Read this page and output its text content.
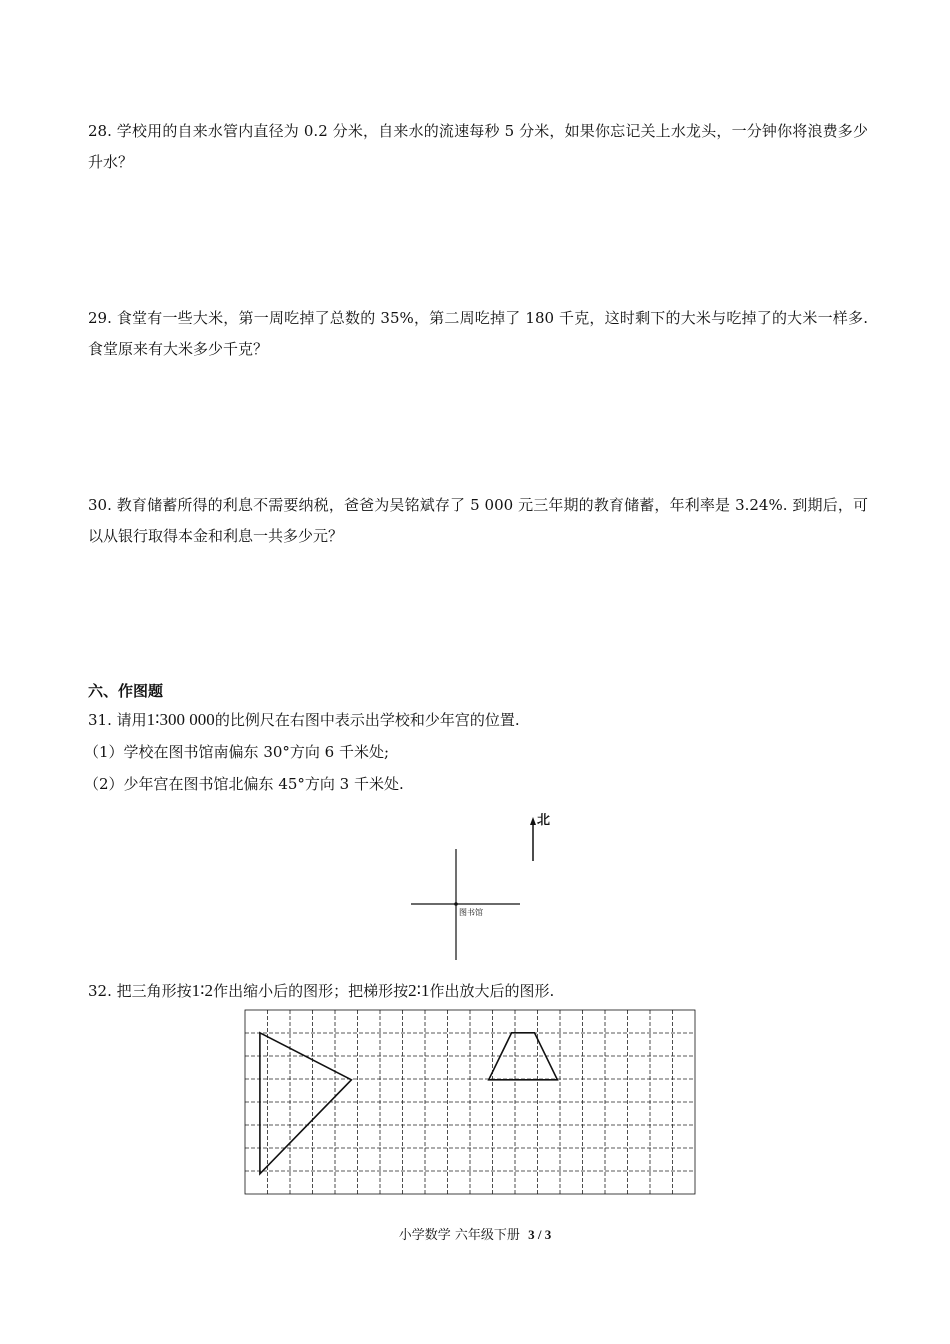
28. 学校用的自来水管内直径为 0.2 分米，自来水的流速每秒 5 分米，如果你忘记关上水龙头，一分钟你将浪费多少升水？

29. 食堂有一些大米，第一周吃掉了总数的 35%，第二周吃掉了 180 千克，这时剩下的大米与吃掉了的大米一样多. 食堂原来有大米多少千克？

30. 教育储蓄所得的利息不需要纳税，爸爸为吴铭斌存了 5 000 元三年期的教育储蓄，年利率是 3.24%. 到期后，可以从银行取得本金和利息一共多少元？

六、作图题
31. 请用1∶300 000的比例尺在右图中表示出学校和少年宫的位置.
（1）学校在图书馆南偏东 30°方向 6 千米处;
（2）少年宫在图书馆北偏东 45°方向 3 千米处.
图书馆
北
32. 把三角形按1∶2作出缩小后的图形；把梯形按2∶1作出放大后的图形.
小学数学 六年级下册 3 / 3
